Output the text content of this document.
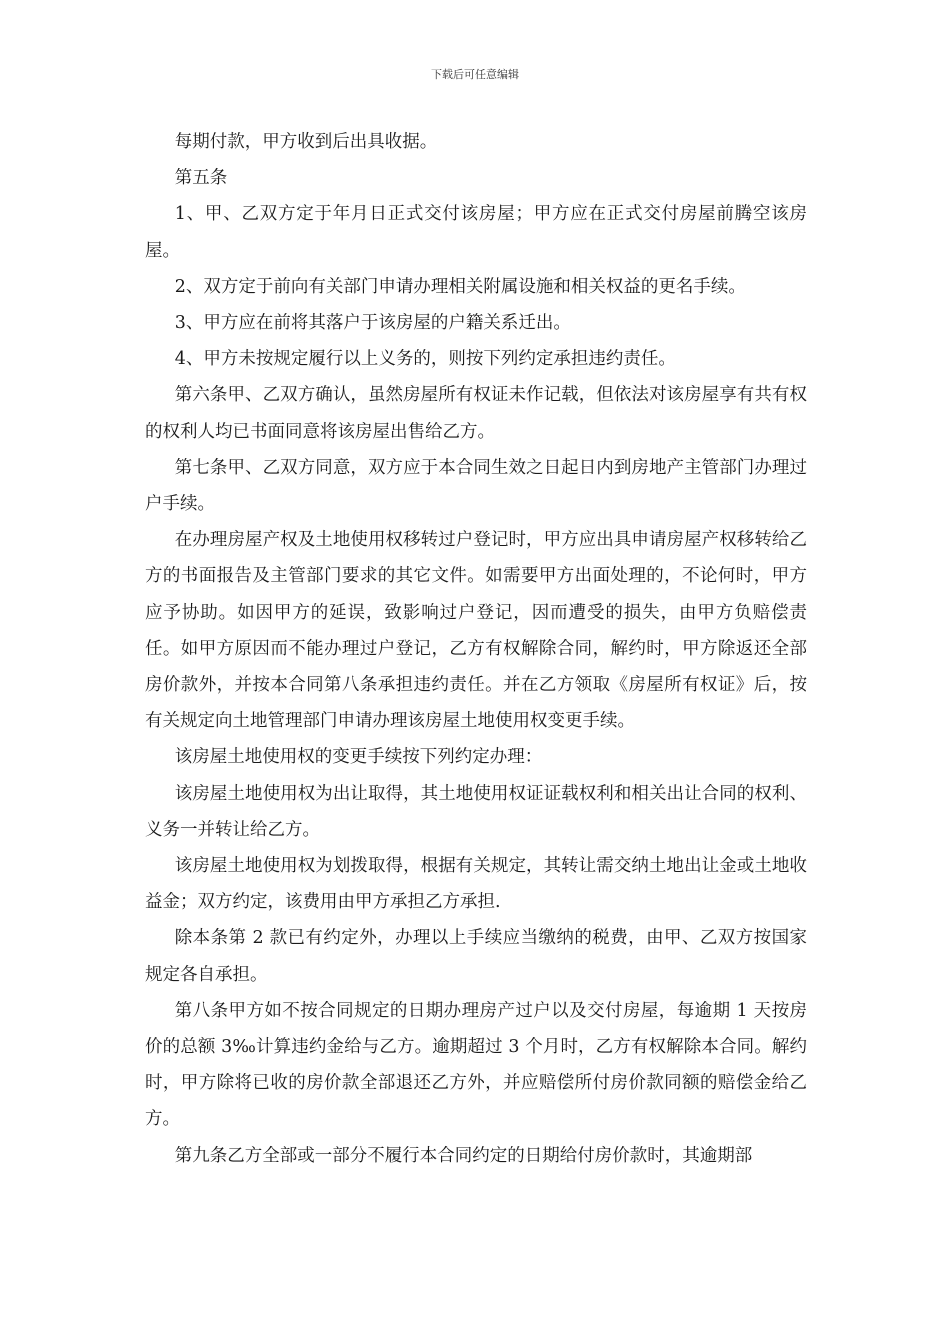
下载后可任意编辑

每期付款，甲方收到后出具收据。

第五条

1、甲、乙双方定于年月日正式交付该房屋；甲方应在正式交付房屋前腾空该房屋。

2、双方定于前向有关部门申请办理相关附属设施和相关权益的更名手续。

3、甲方应在前将其落户于该房屋的户籍关系迁出。

4、甲方未按规定履行以上义务的，则按下列约定承担违约责任。

第六条甲、乙双方确认，虽然房屋所有权证未作记载，但依法对该房屋享有共有权的权利人均已书面同意将该房屋出售给乙方。

第七条甲、乙双方同意，双方应于本合同生效之日起日内到房地产主管部门办理过户手续。

在办理房屋产权及土地使用权移转过户登记时，甲方应出具申请房屋产权移转给乙方的书面报告及主管部门要求的其它文件。如需要甲方出面处理的，不论何时，甲方应予协助。如因甲方的延误，致影响过户登记，因而遭受的损失，由甲方负赔偿责任。如甲方原因而不能办理过户登记，乙方有权解除合同，解约时，甲方除返还全部房价款外，并按本合同第八条承担违约责任。并在乙方领取《房屋所有权证》后，按有关规定向土地管理部门申请办理该房屋土地使用权变更手续。

该房屋土地使用权的变更手续按下列约定办理：

该房屋土地使用权为出让取得，其土地使用权证证载权利和相关出让合同的权利、义务一并转让给乙方。

该房屋土地使用权为划拨取得，根据有关规定，其转让需交纳土地出让金或土地收益金；双方约定，该费用由甲方承担乙方承担.

除本条第 2 款已有约定外，办理以上手续应当缴纳的税费，由甲、乙双方按国家规定各自承担。

第八条甲方如不按合同规定的日期办理房产过户以及交付房屋，每逾期 1 天按房价的总额 3‰计算违约金给与乙方。逾期超过 3 个月时，乙方有权解除本合同。解约时，甲方除将已收的房价款全部退还乙方外，并应赔偿所付房价款同额的赔偿金给乙方。

第九条乙方全部或一部分不履行本合同约定的日期给付房价款时，其逾期部
